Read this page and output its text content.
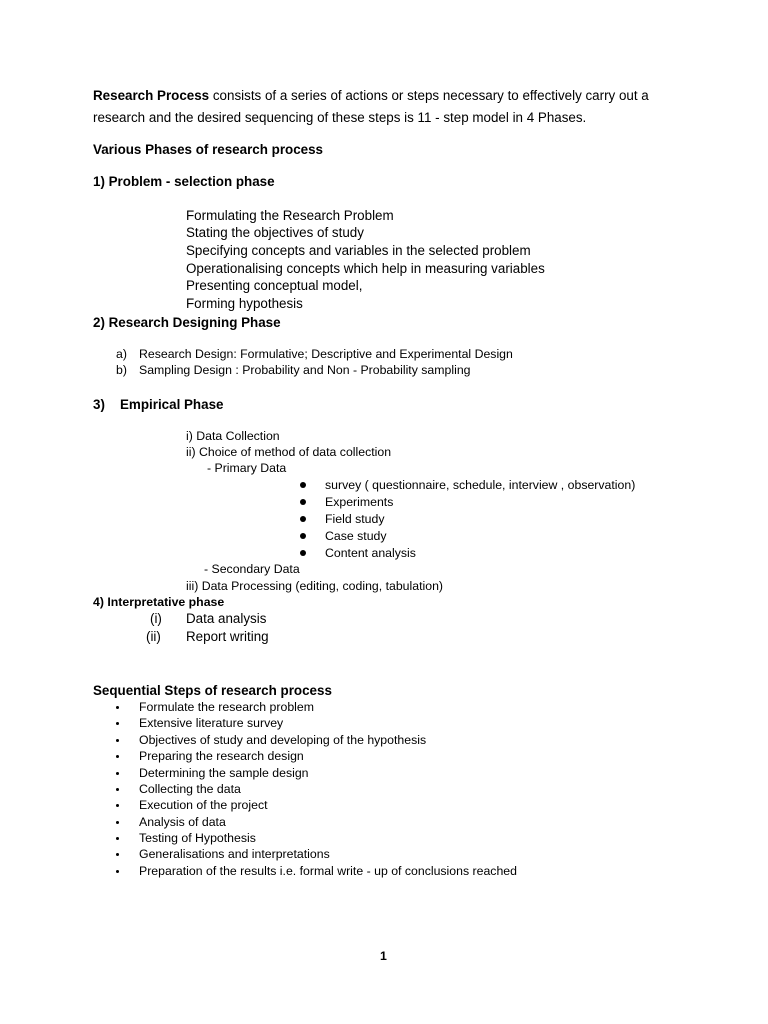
Research Process consists of a series of actions or steps necessary to effectively carry out a
research and the desired sequencing of these steps is 11 - step model in 4 Phases.
Various Phases of research process
1) Problem - selection phase
Formulating the Research Problem
Stating the objectives of study
Specifying concepts and variables in the selected problem
Operationalising concepts which help in measuring variables
Presenting conceptual model,
Forming hypothesis
2) Research Designing Phase
a) Research Design: Formulative; Descriptive and Experimental Design
b) Sampling Design : Probability and Non - Probability sampling
3) Empirical Phase
i) Data Collection
ii) Choice of method of data collection
- Primary Data
survey ( questionnaire, schedule, interview , observation)
Experiments
Field study
Case study
Content analysis
- Secondary Data
iii) Data Processing (editing, coding, tabulation)
4) Interpretative phase
(i) Data analysis
(ii) Report writing
Sequential Steps of research process
Formulate the research problem
Extensive literature survey
Objectives of study and developing of the hypothesis
Preparing the research design
Determining the sample design
Collecting the data
Execution of the project
Analysis of data
Testing of Hypothesis
Generalisations and interpretations
Preparation of the results i.e. formal write - up of conclusions reached
1
